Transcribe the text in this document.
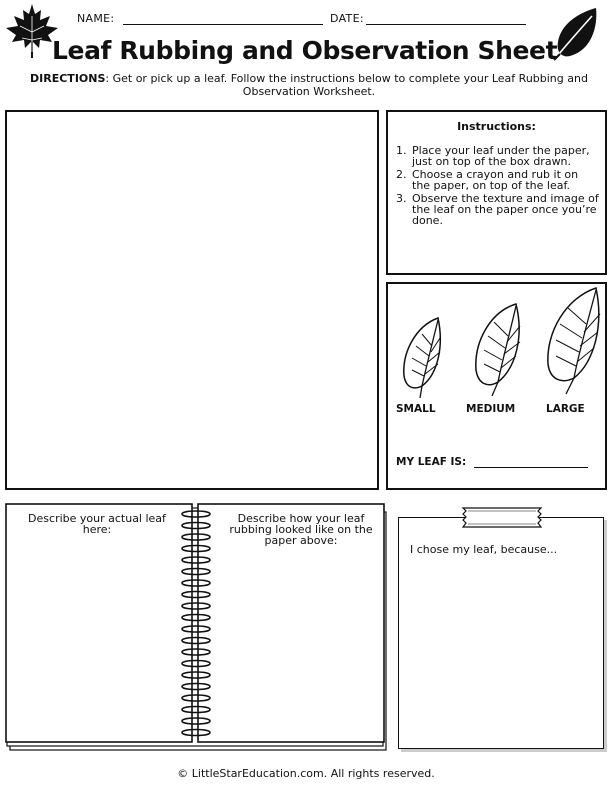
NAME:	DATE:
Leaf Rubbing and Observation Sheet
DIRECTIONS: Get or pick up a leaf. Follow the instructions below to complete your Leaf Rubbing and Observation Worksheet.
Instructions:
1. Place your leaf under the paper, just on top of the box drawn.
2. Choose a crayon and rub it on the paper, on top of the leaf.
3. Observe the texture and image of the leaf on the paper once you’re done.
SMALL	MEDIUM	LARGE
MY LEAF IS:
Describe your actual leaf here:
Describe how your leaf rubbing looked like on the paper above:
I chose my leaf, because...
© LittleStarEducation.com. All rights reserved.
